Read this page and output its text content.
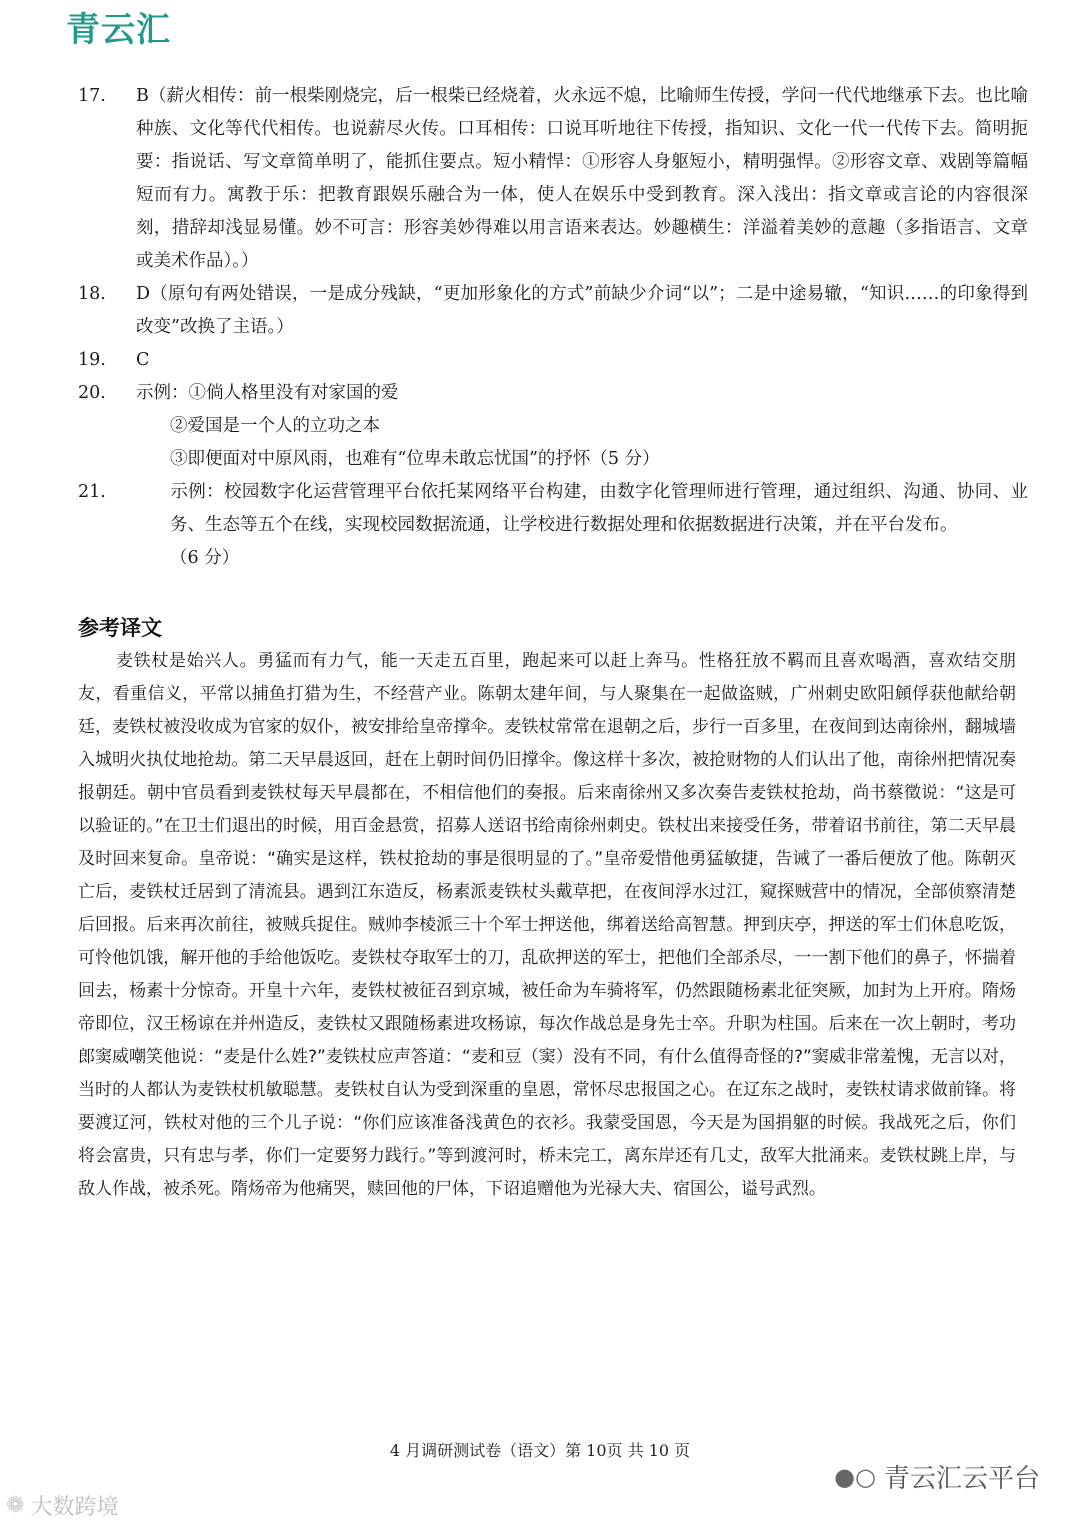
青云汇
17. B（薪火相传：前一根柴刚烧完，后一根柴已经烧着，火永远不熄，比喻师生传授，学问一代代地继承下去。也比喻种族、文化等代代相传。也说薪尽火传。口耳相传：口说耳听地往下传授，指知识、文化一代一代传下去。简明扼要：指说话、写文章简单明了，能抓住要点。短小精悍：①形容人身躯短小，精明强悍。②形容文章、戏剧等篇幅短而有力。寓教于乐：把教育跟娱乐融合为一体，使人在娱乐中受到教育。深入浅出：指文章或言论的内容很深刻，措辞却浅显易懂。妙不可言：形容美妙得难以用言语来表达。妙趣横生：洋溢着美妙的意趣（多指语言、文章或美术作品）。）
18. D（原句有两处错误，一是成分残缺，“更加形象化的方式”前缺少介词“以”；二是中途易辙，“知识……的印象得到改变”改换了主语。）
19. C
20. 示例：①倘人格里没有对家国的爱
②爱国是一个人的立功之本
③即便面对中原风雨，也难有“位卑未敢忘忧国”的抒怀（5 分）
21.	示例：校园数字化运营管理平台依托某网络平台构建，由数字化管理师进行管理，通过组织、沟通、协同、业务、生态等五个在线，实现校园数据流通，让学校进行数据处理和依据数据进行决策，并在平台发布。
（6 分）
参考译文
麦铁杖是始兴人。勇猛而有力气，能一天走五百里，跑起来可以赶上奔马。性格狂放不羁而且喜欢喝酒，喜欢结交朋友，看重信义，平常以捕鱼打猎为生，不经营产业。陈朝太建年间，与人聚集在一起做盗贼，广州刺史欧阳頠俘获他献给朝廷，麦铁杖被没收成为官家的奴仆，被安排给皇帝撑伞。麦铁杖常常在退朝之后，步行一百多里，在夜间到达南徐州，翻城墙入城明火执仗地抢劫。第二天早晨返回，赶在上朝时间仍旧撑伞。像这样十多次，被抢财物的人们认出了他，南徐州把情况奏报朝廷。朝中官员看到麦铁杖每天早晨都在，不相信他们的奏报。后来南徐州又多次奏告麦铁杖抢劫，尚书蔡徵说：“这是可以验证的。”在卫士们退出的时候，用百金悬赏，招募人送诏书给南徐州刺史。铁杖出来接受任务，带着诏书前往，第二天早晨及时回来复命。皇帝说：“确实是这样，铁杖抢劫的事是很明显的了。”皇帝爱惜他勇猛敏捷，告诫了一番后便放了他。陈朝灭亡后，麦铁杖迁居到了清流县。遇到江东造反，杨素派麦铁杖头戴草把，在夜间浮水过江，窥探贼营中的情况，全部侦察清楚后回报。后来再次前往，被贼兵捉住。贼帅李棱派三十个军士押送他，绑着送给高智慧。押到庆亭，押送的军士们休息吃饭，可怜他饥饿，解开他的手给他饭吃。麦铁杖夺取军士的刀，乱砍押送的军士，把他们全部杀尽，一一割下他们的鼻子，怀揣着回去，杨素十分惊奇。开皇十六年，麦铁杖被征召到京城，被任命为车骑将军，仍然跟随杨素北征突厥，加封为上开府。隋炀帝即位，汉王杨谅在并州造反，麦铁杖又跟随杨素进攻杨谅，每次作战总是身先士卒。升职为柱国。后来在一次上朝时，考功郎窦威嘲笑他说：“麦是什么姓?”麦铁杖应声答道：“麦和豆（窦）没有不同，有什么值得奇怪的?”窦威非常羞愧，无言以对，当时的人都认为麦铁杖机敏聪慧。麦铁杖自认为受到深重的皇恩，常怀尽忠报国之心。在辽东之战时，麦铁杖请求做前锋。将要渡辽河，铁杖对他的三个儿子说：“你们应该准备浅黄色的衣衫。我蒙受国恩，今天是为国捐躯的时候。我战死之后，你们将会富贵，只有忠与孝，你们一定要努力践行。”等到渡河时，桥未完工，离东岸还有几丈，敌军大批涌来。麦铁杖跳上岸，与敌人作战，被杀死。隋炀帝为他痛哭，赎回他的尸体，下诏追赠他为光禄大夫、宿国公，谥号武烈。
4 月调研测试卷（语文）第 10页 共 10 页
●○ 青云汇云平台
❁ 大数跨境
